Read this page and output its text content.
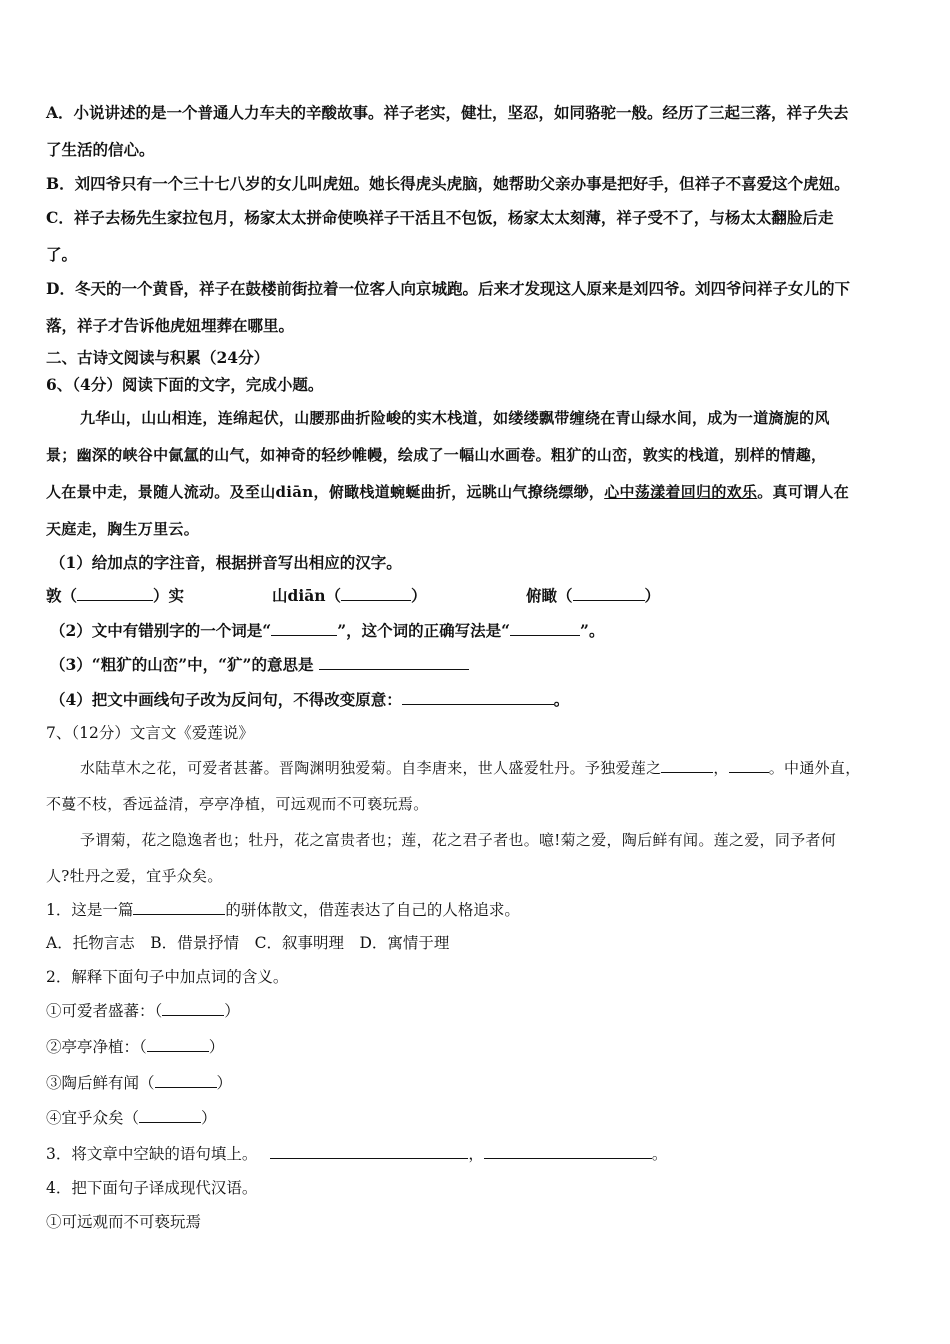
A．小说讲述的是一个普通人力车夫的辛酸故事。祥子老实，健壮，坚忍，如同骆驼一般。经历了三起三落，祥子失去
了生活的信心。
B．刘四爷只有一个三十七八岁的女儿叫虎妞。她长得虎头虎脑，她帮助父亲办事是把好手，但祥子不喜爱这个虎妞。
C．祥子去杨先生家拉包月，杨家太太拼命使唤祥子干活且不包饭，杨家太太刻薄，祥子受不了，与杨太太翻脸后走
了。
D．冬天的一个黄昏，祥子在鼓楼前街拉着一位客人向京城跑。后来才发现这人原来是刘四爷。刘四爷问祥子女儿的下
落，祥子才告诉他虎妞埋葬在哪里。
二、古诗文阅读与积累（24分）
6、（4分）阅读下面的文字，完成小题。
九华山，山山相连，连绵起伏，山腰那曲折险峻的实木栈道，如缕缕飘带缠绕在青山绿水间，成为一道旖旎的风
景；幽深的峡谷中氤氲的山气，如神奇的轻纱帷幔，绘成了一幅山水画卷。粗犷的山峦，敦实的栈道，别样的情趣，
人在景中走，景随人流动。及至山diān，俯瞰栈道蜿蜒曲折，远眺山气撩绕缥缈，心中荡漾着回归的欢乐。真可谓人在
天庭走，胸生万里云。
（1）给加点的字注音，根据拼音写出相应的汉字。
敦（	）实	山diān（	）	俯瞰（	）
（2）文中有错别字的一个词是“	”，这个词的正确写法是“	”。
（3）“粗犷的山峦”中，“犷”的意思是
（4）把文中画线句子改为反问句，不得改变原意：	。
7、（12分）文言文《爱莲说》
水陆草木之花，可爱者甚蕃。晋陶渊明独爱菊。自李唐来，世人盛爱牡丹。予独爱莲之	，	。中通外直，
不蔓不枝，香远益清，亭亭净植，可远观而不可亵玩焉。
予谓菊，花之隐逸者也；牡丹，花之富贵者也；莲，花之君子者也。噫!菊之爱，陶后鲜有闻。莲之爱，同予者何
人?牡丹之爱，宜乎众矣。
1．这是一篇	的骈体散文，借莲表达了自己的人格追求。
A．托物言志　B．借景抒情　C．叙事明理　D．寓情于理
2．解释下面句子中加点词的含义。
①可爱者盛蕃：（	）
②亭亭净植：（	）
③陶后鲜有闻（	）
④宜乎众矣（	）
3．将文章中空缺的语句填上。	，	。
4．把下面句子译成现代汉语。
①可远观而不可亵玩焉
